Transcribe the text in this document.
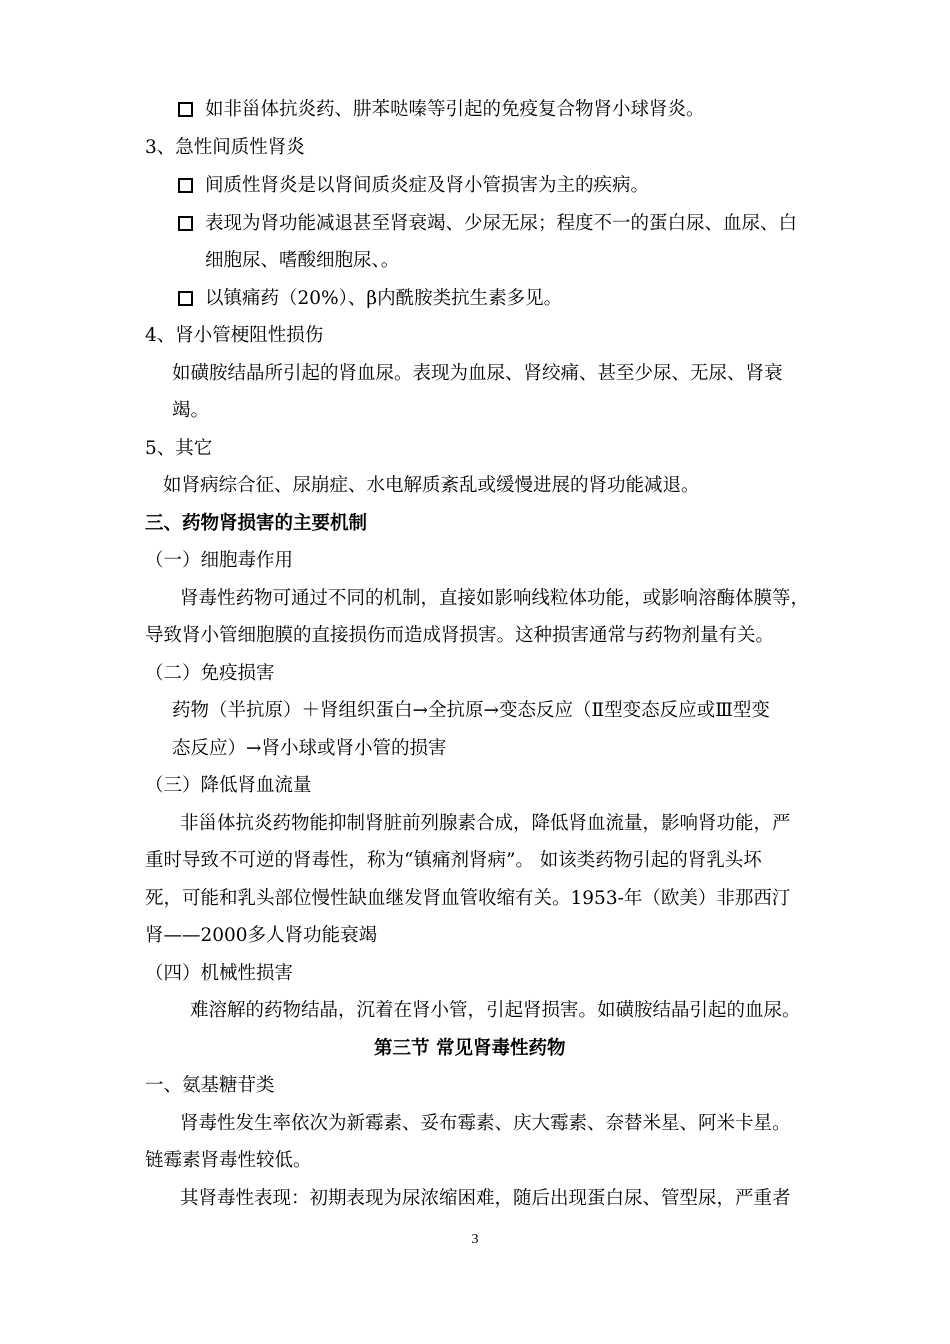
如非甾体抗炎药、肼苯哒嗪等引起的免疫复合物肾小球肾炎。
3、急性间质性肾炎
间质性肾炎是以肾间质炎症及肾小管损害为主的疾病。
表现为肾功能减退甚至肾衰竭、少尿无尿；程度不一的蛋白尿、血尿、白
细胞尿、嗜酸细胞尿、。
以镇痛药（20%）、β内酰胺类抗生素多见。
4、肾小管梗阻性损伤
如磺胺结晶所引起的肾血尿。表现为血尿、肾绞痛、甚至少尿、无尿、肾衰
竭。
5、其它
如肾病综合征、尿崩症、水电解质紊乱或缓慢进展的肾功能减退。
三、药物肾损害的主要机制
（一）细胞毒作用
肾毒性药物可通过不同的机制，直接如影响线粒体功能，或影响溶酶体膜等，
导致肾小管细胞膜的直接损伤而造成肾损害。这种损害通常与药物剂量有关。
（二）免疫损害
药物（半抗原）＋肾组织蛋白→全抗原→变态反应（Ⅱ型变态反应或Ⅲ型变
态反应）→肾小球或肾小管的损害
（三）降低肾血流量
非甾体抗炎药物能抑制肾脏前列腺素合成，降低肾血流量，影响肾功能，严
重时导致不可逆的肾毒性，称为“镇痛剂肾病”。 如该类药物引起的肾乳头坏
死，可能和乳头部位慢性缺血继发肾血管收缩有关。1953-年（欧美）非那西汀
肾——2000多人肾功能衰竭
（四）机械性损害
难溶解的药物结晶，沉着在肾小管，引起肾损害。如磺胺结晶引起的血尿。
第三节 常见肾毒性药物
一、氨基糖苷类
肾毒性发生率依次为新霉素、妥布霉素、庆大霉素、奈替米星、阿米卡星。
链霉素肾毒性较低。
其肾毒性表现：初期表现为尿浓缩困难，随后出现蛋白尿、管型尿，严重者
3
